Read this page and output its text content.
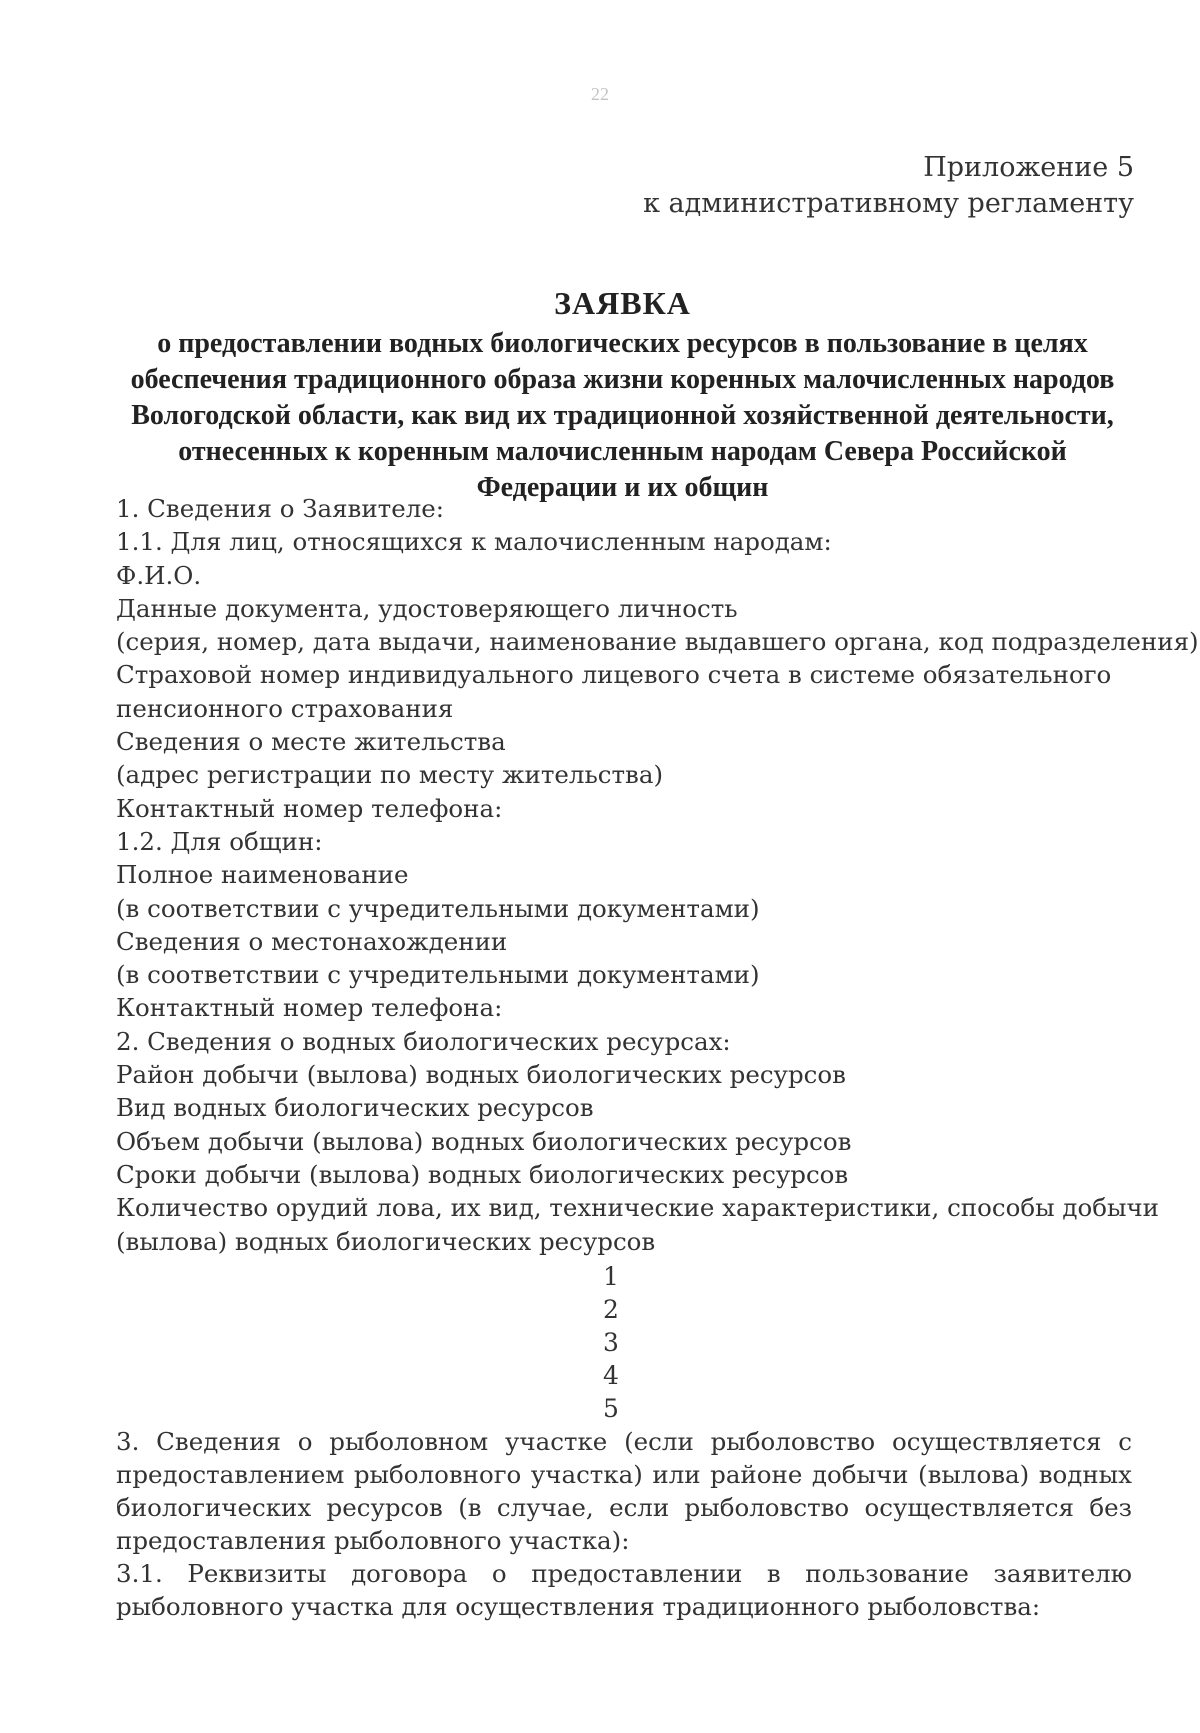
22
Приложение 5
к административному регламенту
ЗАЯВКА
о предоставлении водных биологических ресурсов в пользование в целях
обеспечения традиционного образа жизни коренных малочисленных народов
Вологодской области, как вид их традиционной хозяйственной деятельности,
отнесенных к коренным малочисленным народам Севера Российской
Федерации и их общин
1. Сведения о Заявителе:
1.1. Для лиц, относящихся к малочисленным народам:
Ф.И.О.
Данные документа, удостоверяющего личность
(серия, номер, дата выдачи, наименование выдавшего органа, код подразделения)
Страховой номер индивидуального лицевого счета в системе обязательного
пенсионного страхования
Сведения о месте жительства
(адрес регистрации по месту жительства)
Контактный номер телефона:
1.2. Для общин:
Полное наименование
(в соответствии с учредительными документами)
Сведения о местонахождении
(в соответствии с учредительными документами)
Контактный номер телефона:
2. Сведения о водных биологических ресурсах:
Район добычи (вылова) водных биологических ресурсов
Вид водных биологических ресурсов
Объем добычи (вылова) водных биологических ресурсов
Сроки добычи (вылова) водных биологических ресурсов
Количество орудий лова, их вид, технические характеристики, способы добычи
(вылова) водных биологических ресурсов
1
2
3
4
5
3. Сведения о рыболовном участке (если рыболовство осуществляется с предоставлением рыболовного участка) или районе добычи (вылова) водных биологических ресурсов (в случае, если рыболовство осуществляется без предоставления рыболовного участка):
3.1. Реквизиты договора о предоставлении в пользование заявителю рыболовного участка для осуществления традиционного рыболовства:
